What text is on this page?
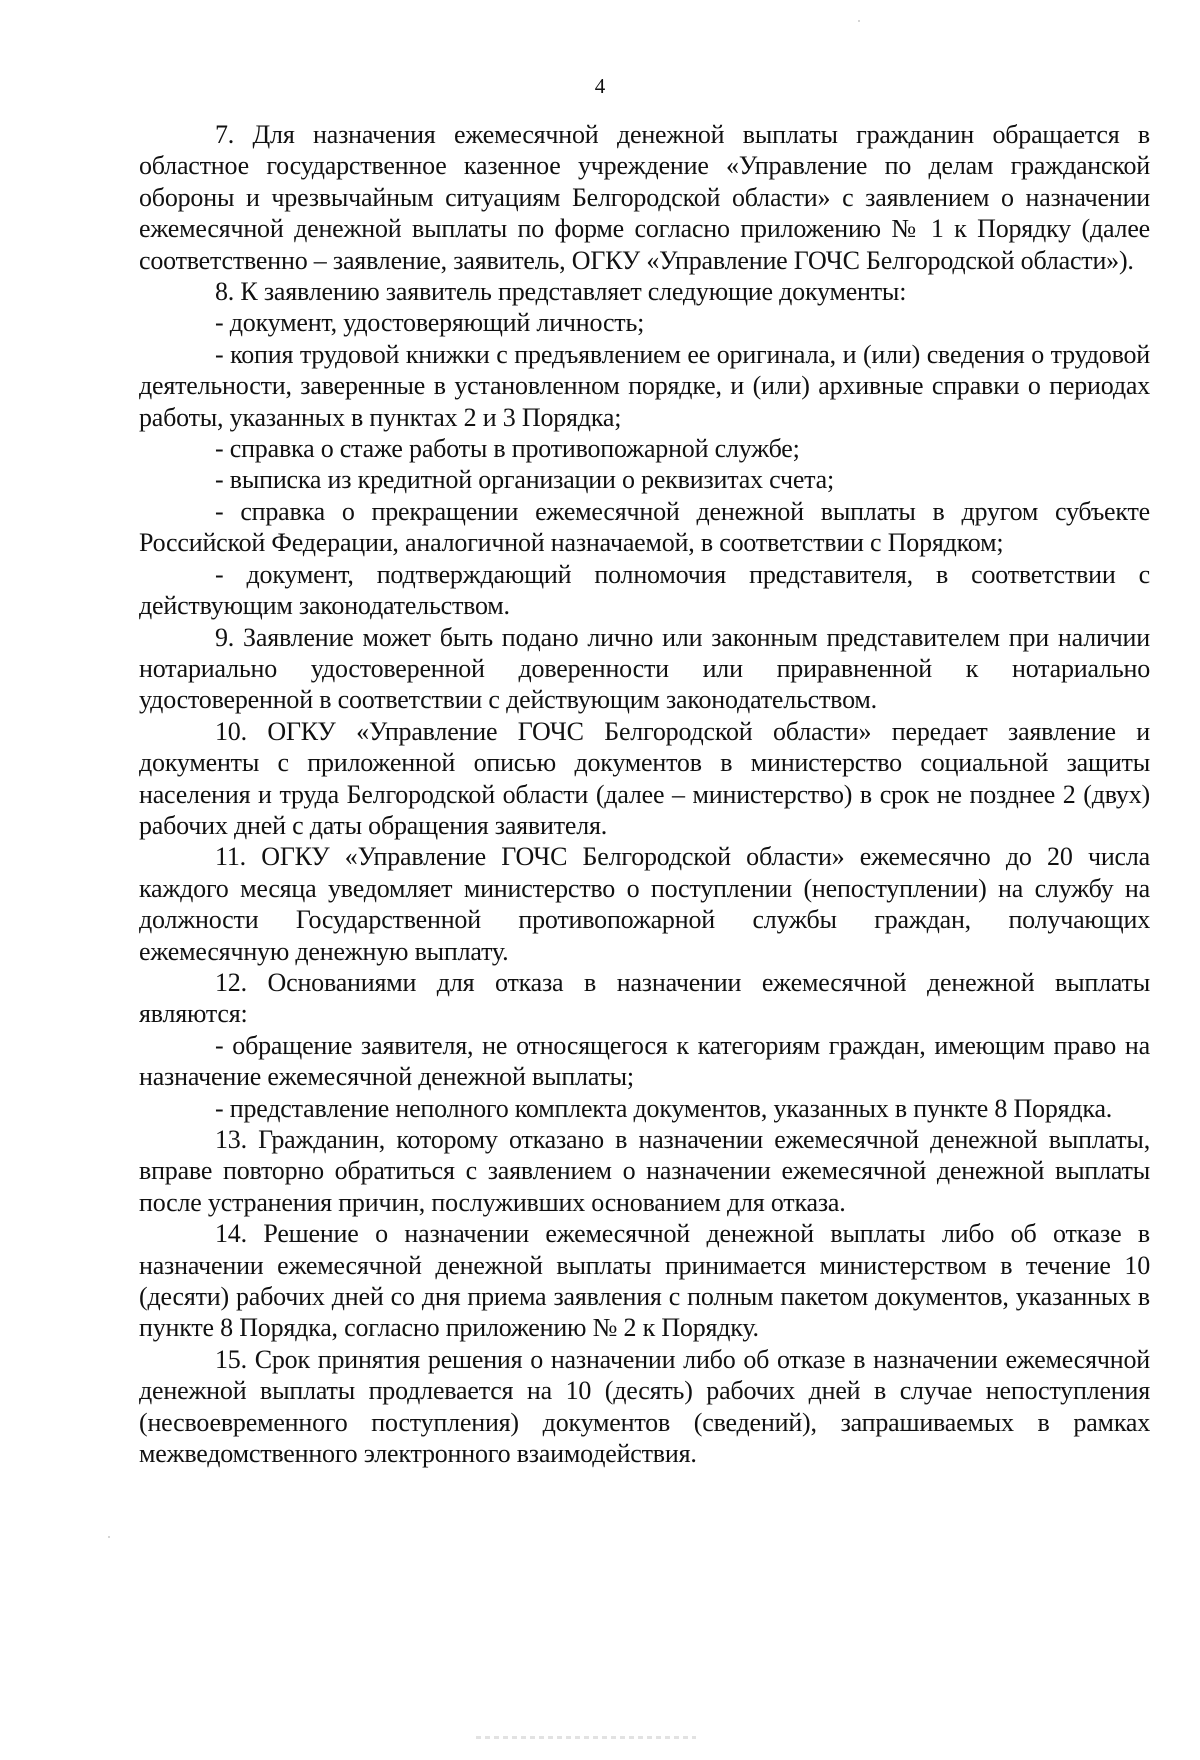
4

7. Для назначения ежемесячной денежной выплаты гражданин обращается в областное государственное казенное учреждение «Управление по делам гражданской обороны и чрезвычайным ситуациям Белгородской области» с заявлением о назначении ежемесячной денежной выплаты по форме согласно приложению № 1 к Порядку (далее соответственно – заявление, заявитель, ОГКУ «Управление ГОЧС Белгородской области»).

8. К заявлению заявитель представляет следующие документы:

- документ, удостоверяющий личность;

- копия трудовой книжки с предъявлением ее оригинала, и (или) сведения о трудовой деятельности, заверенные в установленном порядке, и (или) архивные справки о периодах работы, указанных в пунктах 2 и 3 Порядка;

- справка о стаже работы в противопожарной службе;

- выписка из кредитной организации о реквизитах счета;

- справка о прекращении ежемесячной денежной выплаты в другом субъекте Российской Федерации, аналогичной назначаемой, в соответствии с Порядком;

- документ, подтверждающий полномочия представителя, в соответствии с действующим законодательством.

9. Заявление может быть подано лично или законным представителем при наличии нотариально удостоверенной доверенности или приравненной к нотариально удостоверенной в соответствии с действующим законодательством.

10. ОГКУ «Управление ГОЧС Белгородской области» передает заявление и документы с приложенной описью документов в министерство социальной защиты населения и труда Белгородской области (далее – министерство) в срок не позднее 2 (двух) рабочих дней с даты обращения заявителя.

11. ОГКУ «Управление ГОЧС Белгородской области» ежемесячно до 20 числа каждого месяца уведомляет министерство о поступлении (непоступлении) на службу на должности Государственной противопожарной службы граждан, получающих ежемесячную денежную выплату.

12. Основаниями для отказа в назначении ежемесячной денежной выплаты являются:

- обращение заявителя, не относящегося к категориям граждан, имеющим право на назначение ежемесячной денежной выплаты;

- представление неполного комплекта документов, указанных в пункте 8 Порядка.

13. Гражданин, которому отказано в назначении ежемесячной денежной выплаты, вправе повторно обратиться с заявлением о назначении ежемесячной денежной выплаты после устранения причин, послуживших основанием для отказа.

14. Решение о назначении ежемесячной денежной выплаты либо об отказе в назначении ежемесячной денежной выплаты принимается министерством в течение 10 (десяти) рабочих дней со дня приема заявления с полным пакетом документов, указанных в пункте 8 Порядка, согласно приложению № 2 к Порядку.

15. Срок принятия решения о назначении либо об отказе в назначении ежемесячной денежной выплаты продлевается на 10 (десять) рабочих дней в случае непоступления (несвоевременного поступления) документов (сведений), запрашиваемых в рамках межведомственного электронного взаимодействия.
